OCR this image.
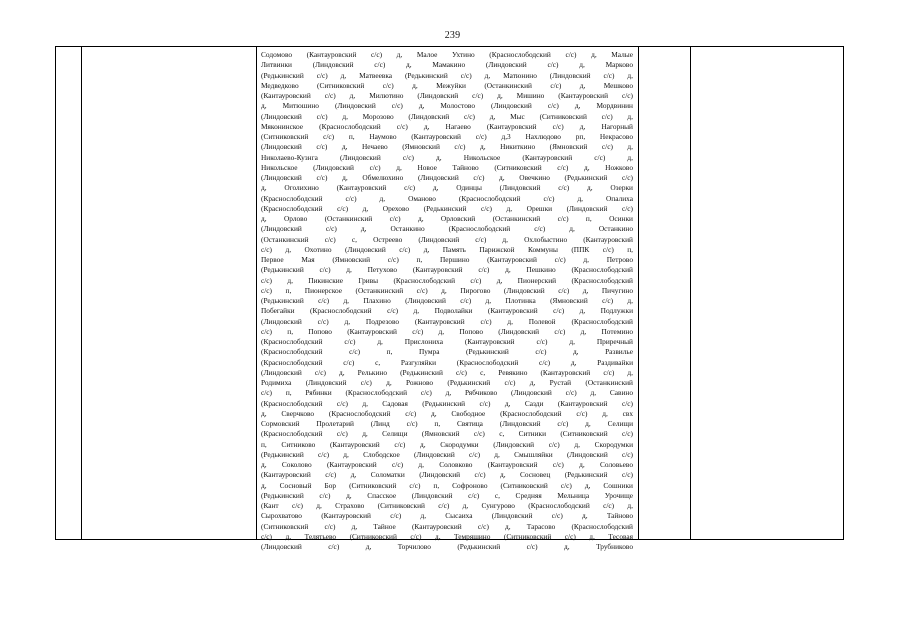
239
Содомово (Кантауровский с/с) д, Малое Ухтино (Краснослободский с/с) д, Малые
Литвинки (Линдовский с/с) д, Мамакино (Линдовский с/с) д, Марково
(Редькинский с/с) д, Матвеевка (Редькинский с/с) д, Матюнино (Линдовский с/с) д,
Медведково (Ситниковский с/с) д, Межуйки (Останкинский с/с) д, Мешково
(Кантауровский с/с) д, Милютино (Линдовский с/с) д, Мишино (Кантауровский с/с)
д, Митюшино (Линдовский с/с) д, Молостово (Линдовский с/с) д, Мордвинин
(Линдовский с/с) д, Морозово (Линдовский с/с) д, Мыс (Ситниковский с/с) д,
Мяконинское (Краснослободский с/с) д, Нагаево (Кантауровский с/с) д, Нагорный
(Ситниковский с/с) п, Наумово (Кантауровский с/с) д,3 Нахлюдово рп, Некрасово
(Линдовский с/с) д, Нечаево (Ямновский с/с) д, Никиткино (Ямновский с/с) д,
Николаево-Кузнга (Линдовский с/с) д, Никольское (Кантауровский с/с) д,
Никольское (Линдовский с/с) д, Новое Тайново (Ситниковский с/с) д, Ножково
(Линдовский с/с) д, Обмелюхино (Линдовский с/с) д, Овечкино (Редькинский с/с)
д, Оголихино (Кантауровский с/с) д, Одинцы (Линдовский с/с) д, Озерки
(Краснослободский с/с) д, Оманово (Краснослободский с/с) д, Опалиха
(Краснослободский с/с) д, Орехово (Редькинский с/с) д, Орешки (Линдовский с/с)
д, Орлово (Останкинский с/с) д, Орловский (Останкинский с/с) п, Осинки
(Линдовский с/с) д, Останкино (Краснослободский с/с) д, Останкино
(Останкинский с/с) с, Остреево (Линдовский с/с) д, Охлобыстино (Кантауровский
с/с) д, Охотино (Линдовский с/с) д, Память Парижской Коммуны (ППК с/с) п,
Первое Мая (Ямновский с/с) п, Першино (Кантауровский с/с) д, Петрово
(Редькинский с/с) д, Петухово (Кантауровский с/с) д, Пешкино (Краснослободский
с/с) д, Пикинские Гривы (Краснослободский с/с) д, Пионерский (Краснослободский
с/с) п, Пионерское (Останкинский с/с) д, Пирогово (Линдовский с/с) д, Пичугино
(Редькинский с/с) д, Плахино (Линдовский с/с) д, Плотинка (Ямновский с/с) д,
Побегайки (Краснослободский с/с) д, Подволайки (Кантауровский с/с) д, Подлужки
(Линдовский с/с) д, Подрезово (Кантауровский с/с) д, Полевой (Краснослободский
с/с) п, Попово (Кантауровский с/с) д, Попово (Линдовский с/с) д, Потемино
(Краснослободский с/с) д, Прислониха (Кантауровский с/с) д, Приречный
(Краснослободский с/с) п, Пумра (Редькинский с/с) д, Развилье
(Краснослободский с/с) с, Разгуляйки (Краснослободский с/с) д, Раздивайки
(Линдовский с/с) д, Релькино (Редькинский с/с) с, Ревякино (Кантауровский с/с) д,
Родимиха (Линдовский с/с) д, Рожново (Редькинский с/с) д, Рустай (Останкинский
с/с) п, Рябинки (Краснослободский с/с) д, Рябчиково (Линдовский с/с) д, Савино
(Краснослободский с/с) д, Садовая (Редькинский с/с) д, Сазди (Кантауровский с/с)
д, Сверчково (Краснослободский с/с) д, Свободное (Краснослободский с/с) д, свх
Сормовский Пролетарий (Линд с/с) п, Святица (Линдовский с/с) д, Селищи
(Краснослободский с/с) д, Селищи (Ямновский с/с) с, Ситники (Ситниковский с/с)
п, Ситниково (Кантауровский с/с) д, Скородумки (Линдовский с/с) д, Скородумки
(Редькинский с/с) д, Слободское (Линдовский с/с) д, Смышляйки (Линдовский с/с)
д, Соколово (Кантауровский с/с) д, Соловково (Кантауровский с/с) д, Соловьево
(Кантауровский с/с) д, Соломатки (Линдовский с/с) д, Сосновец (Редькинский с/с)
д, Сосновый Бор (Ситниковский с/с) п, Софроново (Ситниковский с/с) д, Сошники
(Редькинский с/с) д, Спасское (Линдовский с/с) с, Средняя Мельница Урочище
(Кант с/с) д, Страхово (Ситниковский с/с) д, Сунгурово (Краснослободский с/с) д,
Сырохватово (Кантауровский с/с) д, Сысаиха (Линдовский с/с) д, Тайново
(Ситниковский с/с) д, Тайное (Кантауровский с/с) д, Тарасово (Краснослободский
с/с) д, Телятьево (Ситниковский с/с) д, Темряшино (Ситниковский с/с) д, Тесовая
(Линдовский с/с) д, Торчилово (Редькинский с/с) д, Трубниково
